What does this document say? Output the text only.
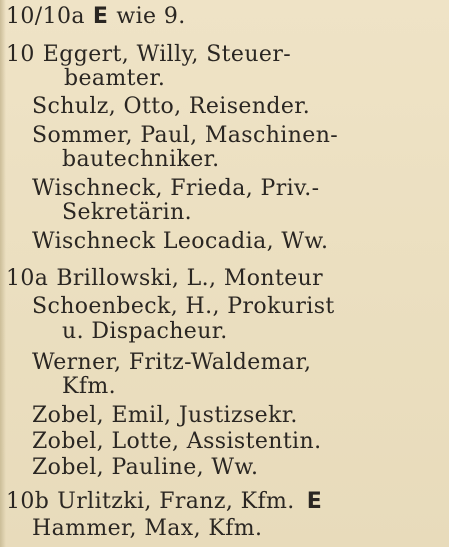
10/10a E wie 9.
10 Eggert, Willy, Steuer-
beamter.
Schulz, Otto, Reisender.
Sommer, Paul, Maschinen-
bautechniker.
Wischneck, Frieda, Priv.-
Sekretärin.
Wischneck Leocadia, Ww.
10a Brillowski, L., Monteur
Schoenbeck, H., Prokurist
u. Dispacheur.
Werner, Fritz-Waldemar,
Kfm.
Zobel, Emil, Justizsekr.
Zobel, Lotte, Assistentin.
Zobel, Pauline, Ww.
10b Urlitzki, Franz, Kfm. E
Hammer, Max, Kfm.
